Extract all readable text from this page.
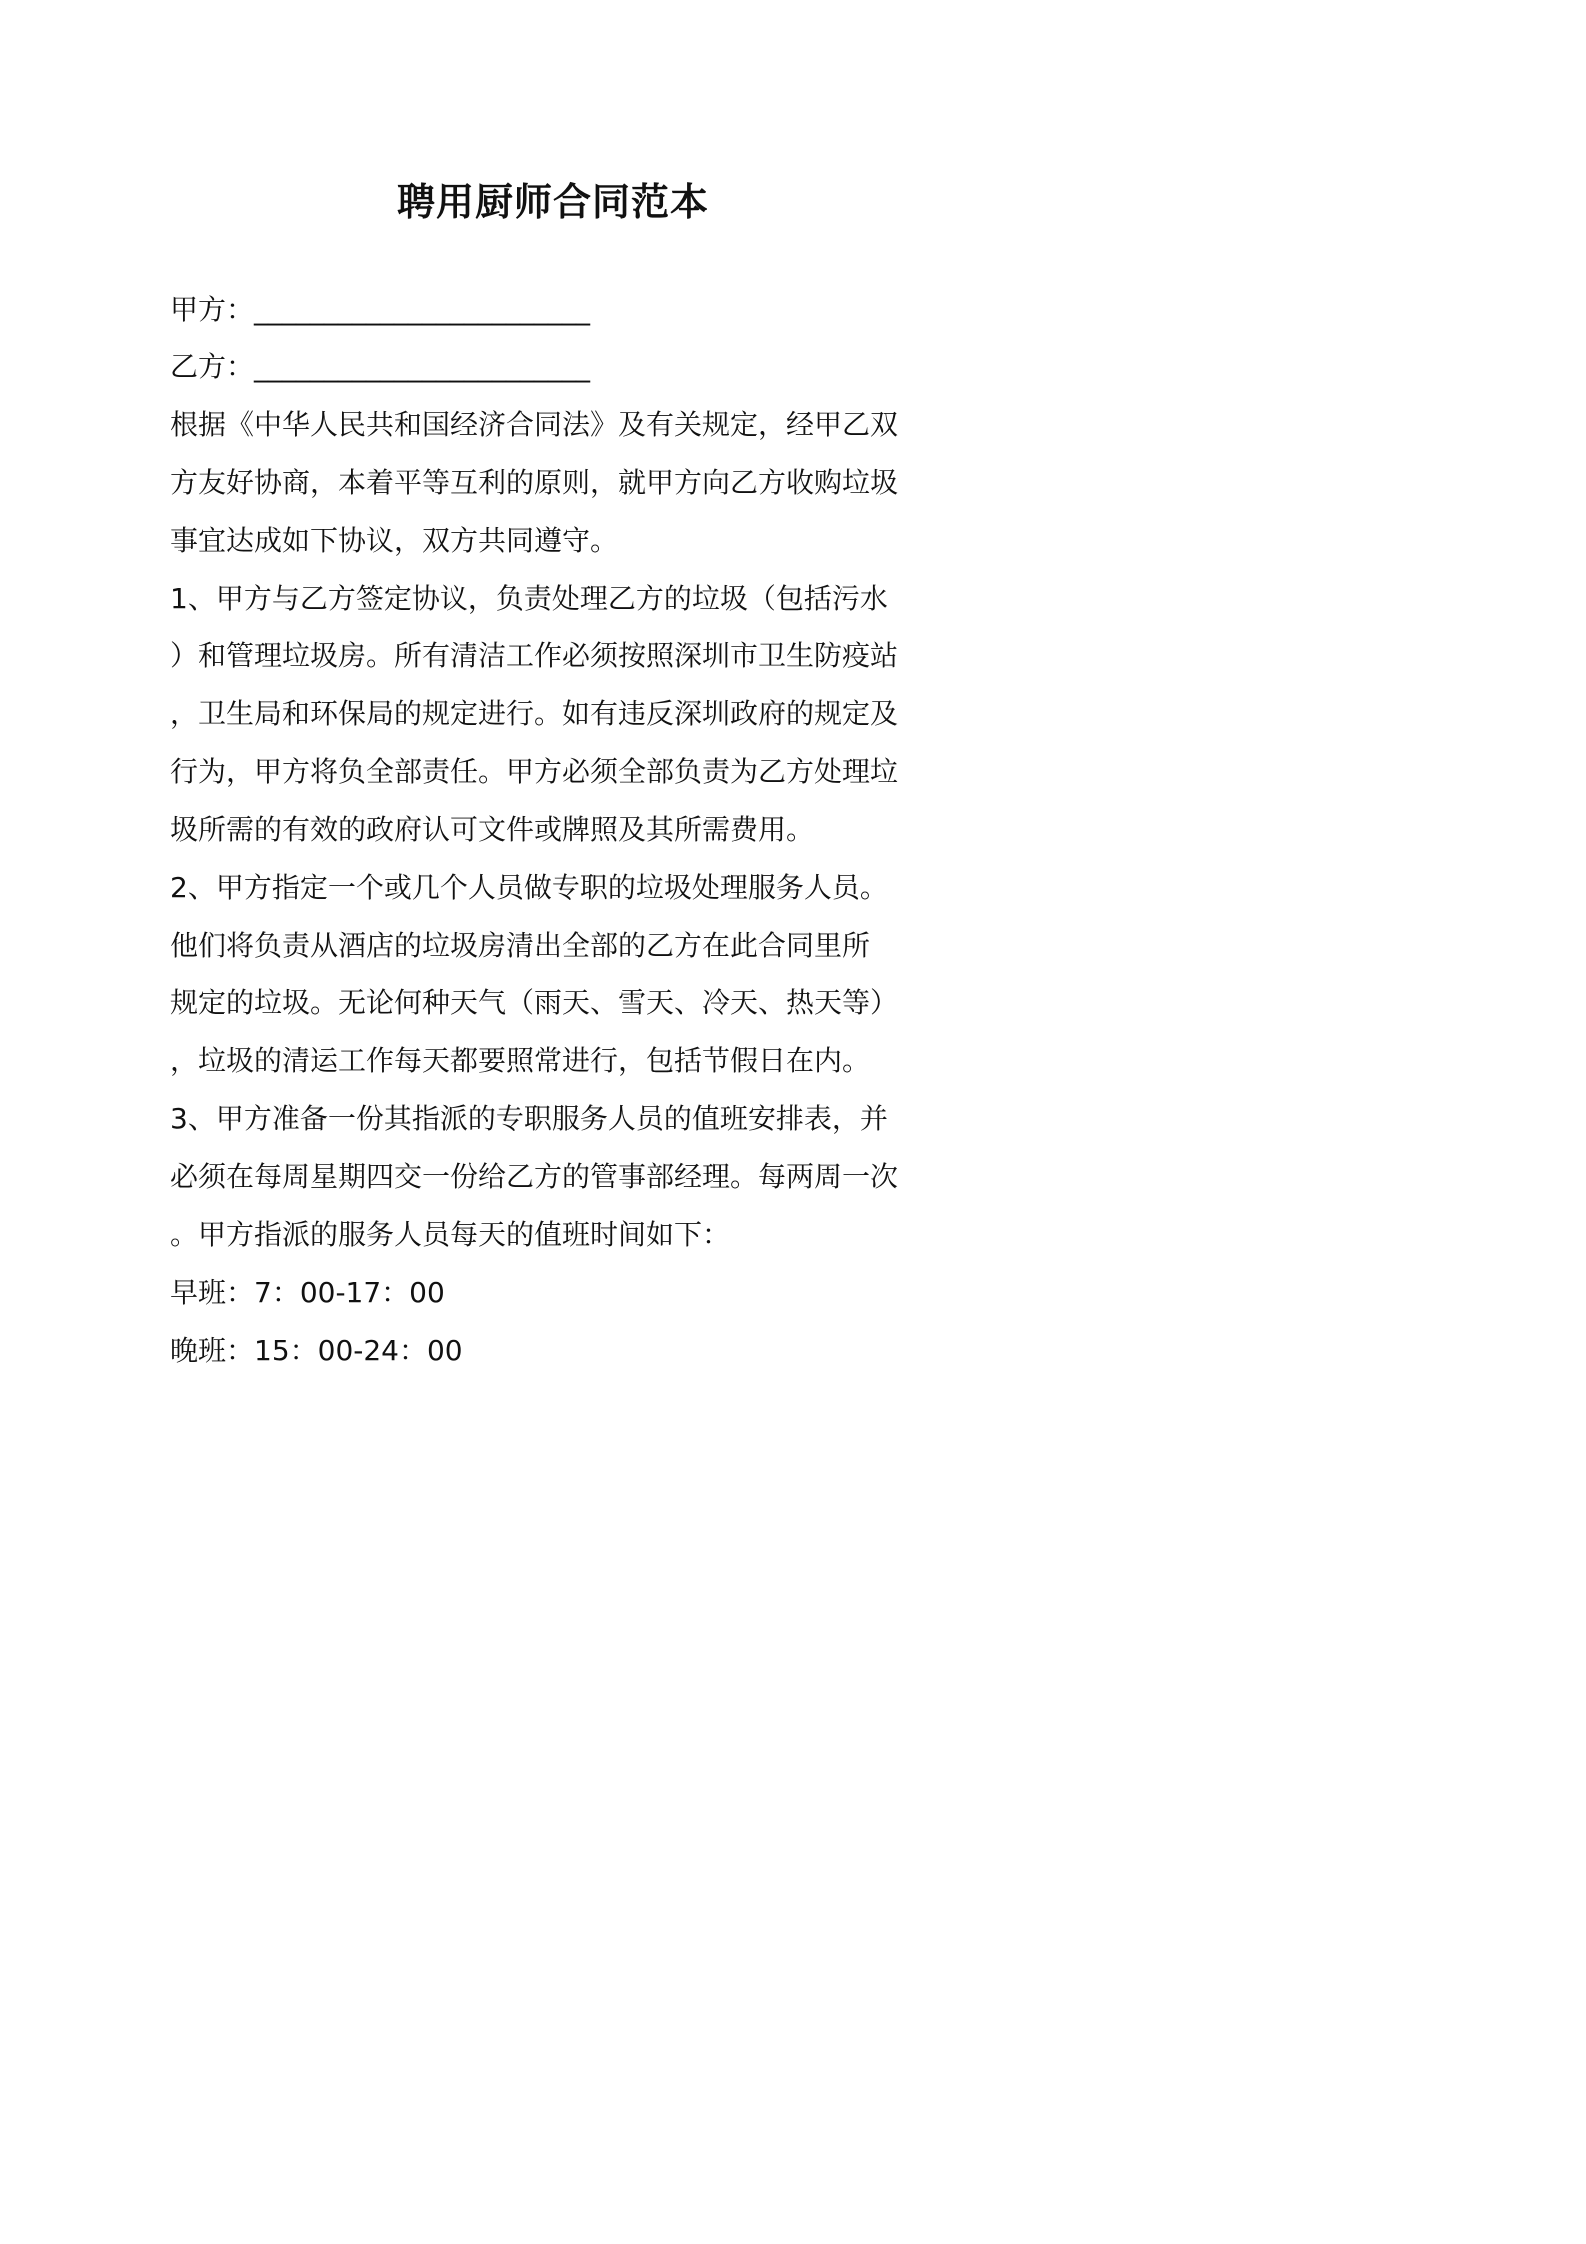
聘用厨师合同范本
甲方：________________________
乙方：________________________
根据《中华人民共和国经济合同法》及有关规定，经甲乙双
方友好协商，本着平等互利的原则，就甲方向乙方收购垃圾
事宜达成如下协议，双方共同遵守。
1、甲方与乙方签定协议，负责处理乙方的垃圾（包括污水
）和管理垃圾房。所有清洁工作必须按照深圳市卫生防疫站
，卫生局和环保局的规定进行。如有违反深圳政府的规定及
行为，甲方将负全部责任。甲方必须全部负责为乙方处理垃
圾所需的有效的政府认可文件或牌照及其所需费用。
2、甲方指定一个或几个人员做专职的垃圾处理服务人员。
他们将负责从酒店的垃圾房清出全部的乙方在此合同里所
规定的垃圾。无论何种天气（雨天、雪天、冷天、热天等）
，垃圾的清运工作每天都要照常进行，包括节假日在内。
3、甲方准备一份其指派的专职服务人员的值班安排表，并
必须在每周星期四交一份给乙方的管事部经理。每两周一次
。甲方指派的服务人员每天的值班时间如下：
早班：7：00-17：00
晚班：15：00-24：00
